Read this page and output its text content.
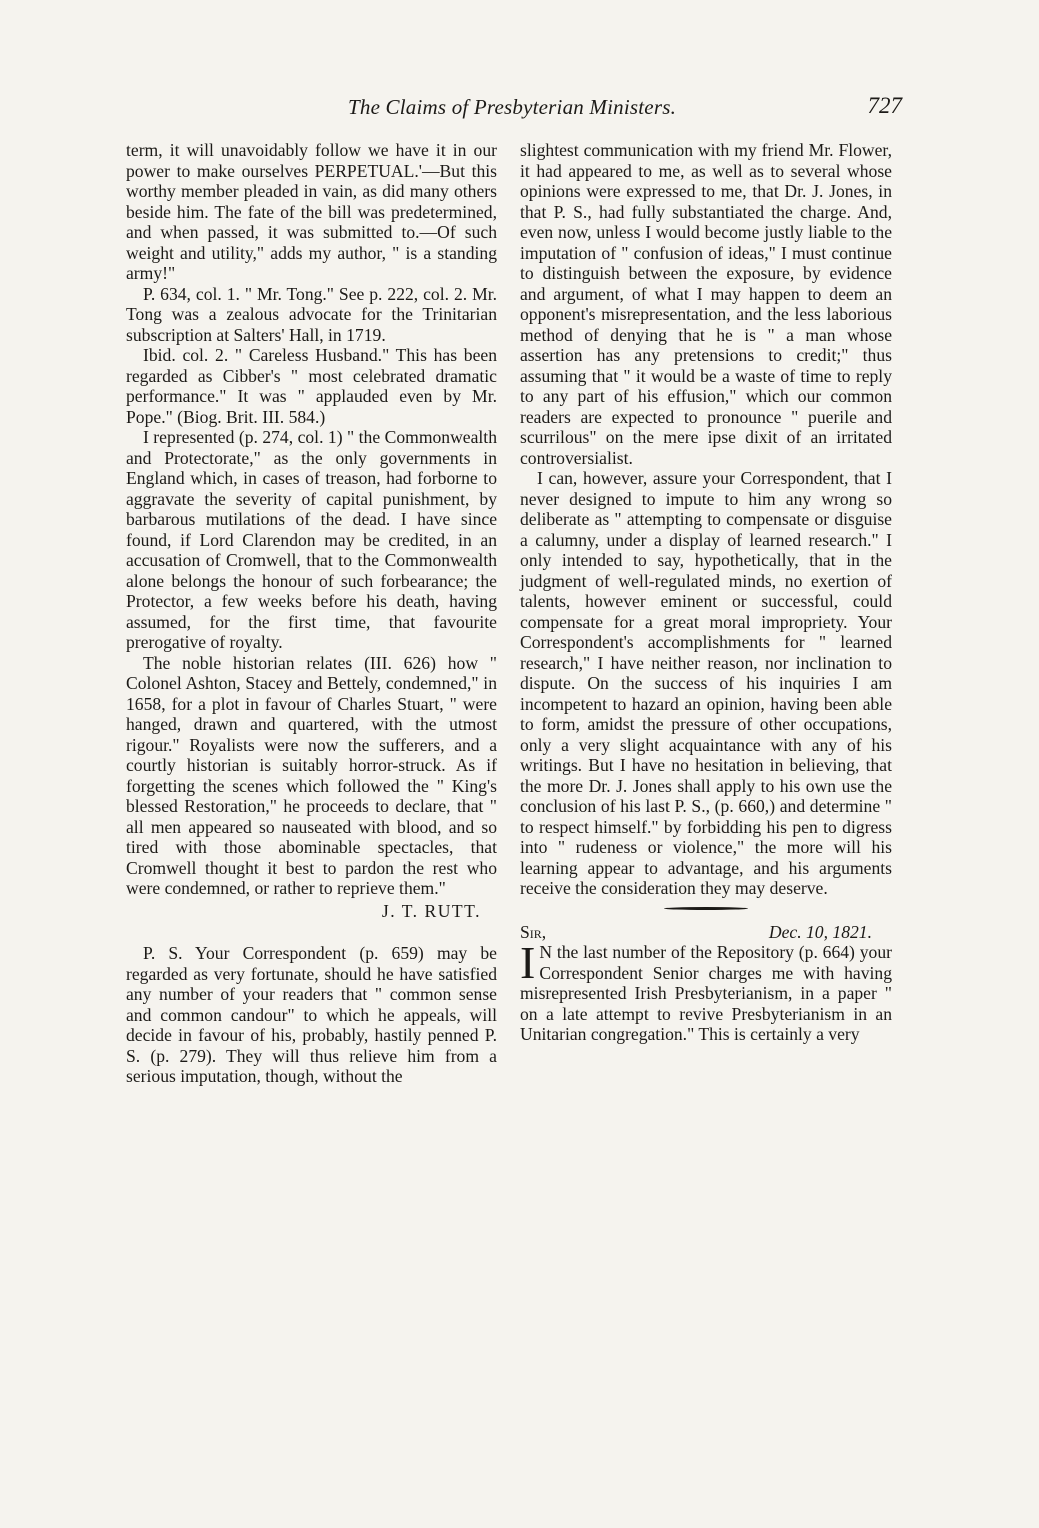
The Claims of Presbyterian Ministers.	727

term, it will unavoidably follow we have it in our power to make ourselves PERPETUAL.'—But this worthy member pleaded in vain, as did many others beside him. The fate of the bill was predetermined, and when passed, it was submitted to.—Of such weight and utility," adds my author, " is a standing army!"

P. 634, col. 1. " Mr. Tong." See p. 222, col. 2. Mr. Tong was a zealous advocate for the Trinitarian subscription at Salters' Hall, in 1719.

Ibid. col. 2. " Careless Husband." This has been regarded as Cibber's " most celebrated dramatic performance." It was " applauded even by Mr. Pope." (Biog. Brit. III. 584.)

I represented (p. 274, col. 1) " the Commonwealth and Protectorate," as the only governments in England which, in cases of treason, had forborne to aggravate the severity of capital punishment, by barbarous mutilations of the dead. I have since found, if Lord Clarendon may be credited, in an accusation of Cromwell, that to the Commonwealth alone belongs the honour of such forbearance; the Protector, a few weeks before his death, having assumed, for the first time, that favourite prerogative of royalty.

The noble historian relates (III. 626) how " Colonel Ashton, Stacey and Bettely, condemned," in 1658, for a plot in favour of Charles Stuart, " were hanged, drawn and quartered, with the utmost rigour." Royalists were now the sufferers, and a courtly historian is suitably horror-struck. As if forgetting the scenes which followed the " King's blessed Restoration," he proceeds to declare, that " all men appeared so nauseated with blood, and so tired with those abominable spectacles, that Cromwell thought it best to pardon the rest who were condemned, or rather to reprieve them."

J. T. RUTT.

P. S. Your Correspondent (p. 659) may be regarded as very fortunate, should he have satisfied any number of your readers that " common sense and common candour" to which he appeals, will decide in favour of his, probably, hastily penned P. S. (p. 279). They will thus relieve him from a serious imputation, though, without the

slightest communication with my friend Mr. Flower, it had appeared to me, as well as to several whose opinions were expressed to me, that Dr. J. Jones, in that P. S., had fully substantiated the charge. And, even now, unless I would become justly liable to the imputation of " confusion of ideas," I must continue to distinguish between the exposure, by evidence and argument, of what I may happen to deem an opponent's misrepresentation, and the less laborious method of denying that he is " a man whose assertion has any pretensions to credit;" thus assuming that " it would be a waste of time to reply to any part of his effusion," which our common readers are expected to pronounce " puerile and scurrilous" on the mere ipse dixit of an irritated controversialist.

I can, however, assure your Correspondent, that I never designed to impute to him any wrong so deliberate as " attempting to compensate or disguise a calumny, under a display of learned research." I only intended to say, hypothetically, that in the judgment of well-regulated minds, no exertion of talents, however eminent or successful, could compensate for a great moral impropriety. Your Correspondent's accomplishments for " learned research," I have neither reason, nor inclination to dispute. On the success of his inquiries I am incompetent to hazard an opinion, having been able to form, amidst the pressure of other occupations, only a very slight acquaintance with any of his writings. But I have no hesitation in believing, that the more Dr. J. Jones shall apply to his own use the conclusion of his last P. S., (p. 660,) and determine " to respect himself." by forbidding his pen to digress into " rudeness or violence," the more will his learning appear to advantage, and his arguments receive the consideration they may deserve.

Sir,	Dec. 10, 1821.

I N the last number of the Repository (p. 664) your Correspondent Senior charges me with having misrepresented Irish Presbyterianism, in a paper " on a late attempt to revive Presbyterianism in an Unitarian congregation." This is certainly a very
